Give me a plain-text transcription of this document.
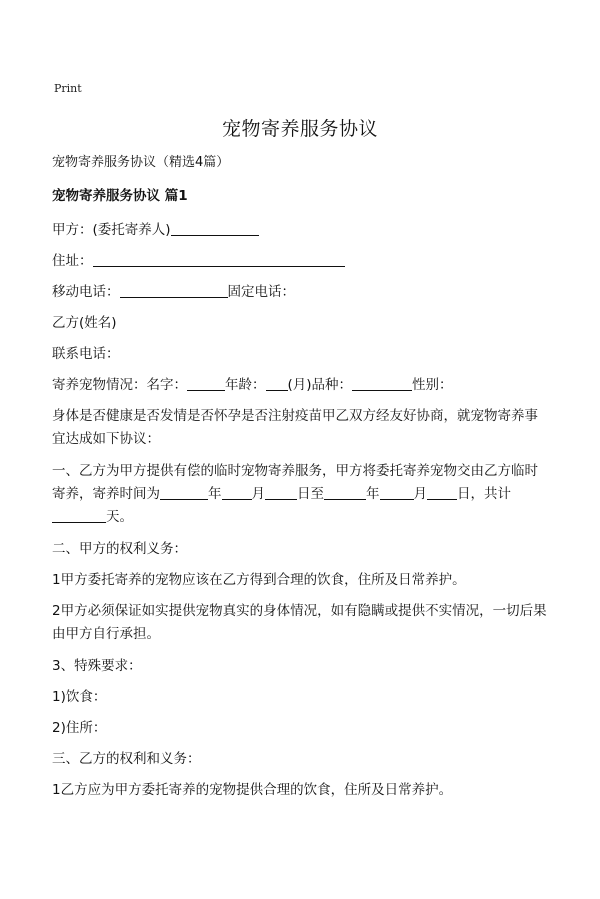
Print
宠物寄养服务协议
宠物寄养服务协议（精选4篇）
宠物寄养服务协议 篇1
甲方：(委托寄养人)
住址：
移动电话：	固定电话：
乙方(姓名)
联系电话：
寄养宠物情况：名字：	年龄： (月)品种：	性别：
身体是否健康是否发情是否怀孕是否注射疫苗甲乙双方经友好协商，就宠物寄养事宜达成如下协议：
一、乙方为甲方提供有偿的临时宠物寄养服务，甲方将委托寄养宠物交由乙方临时寄养，寄养时间为	年 月 日至	年	月 日，共计
天。
二、甲方的权利义务：
1甲方委托寄养的宠物应该在乙方得到合理的饮食，住所及日常养护。
2甲方必须保证如实提供宠物真实的身体情况，如有隐瞒或提供不实情况，一切后果由甲方自行承担。
3、特殊要求：
1)饮食：
2)住所：
三、乙方的权利和义务：
1乙方应为甲方委托寄养的宠物提供合理的饮食，住所及日常养护。
